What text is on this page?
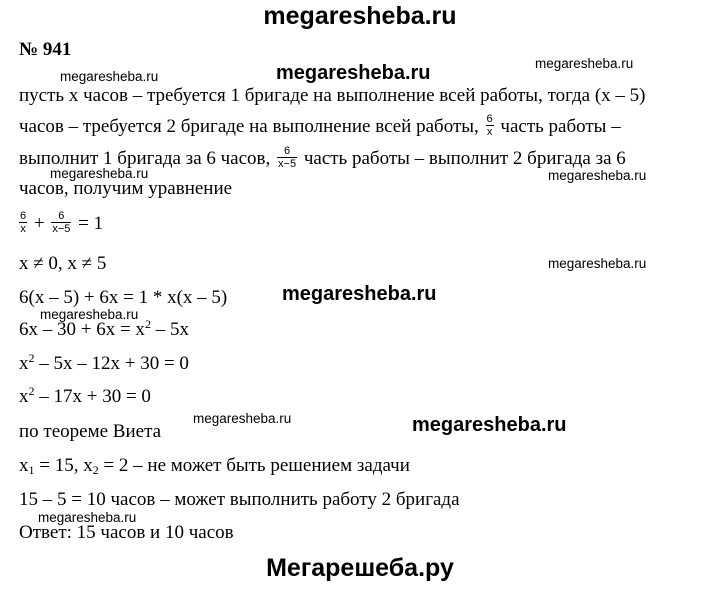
megaresheba.ru
№ 941
пусть х часов – требуется 1 бригаде на выполнение всей работы, тогда (х – 5)
часов – требуется 2 бригаде на выполнение всей работы, $\frac{6}{x}$ часть работы –
выполнит 1 бригада за 6 часов, $\frac{6}{x-5}$ часть работы – выполнит 2 бригада за 6
часов, получим уравнение
$\frac{6}{x} + \frac{6}{x-5} = 1$
х ≠ 0, х ≠ 5
6(х – 5) + 6х = 1 * х(х – 5)
$6х - 30 + 6х = х^2 - 5х$
$х^2 - 5х - 12х + 30 = 0$
$х^2 - 17х + 30 = 0$
по теореме Виета
$х_1 = 15$, $х_2 = 2$ – не может быть решением задачи
15 – 5 = 10 часов – может выполнить работу 2 бригада
Ответ: 15 часов и 10 часов
megaresheba.ru
megaresheba.ru	megaresheba.ru
megaresheba.ru	megaresheba.ru
megaresheba.ru
megaresheba.ru
megaresheba.ru
megaresheba.ru	megaresheba.ru
megaresheba.ru
Мегарешеба.ру
